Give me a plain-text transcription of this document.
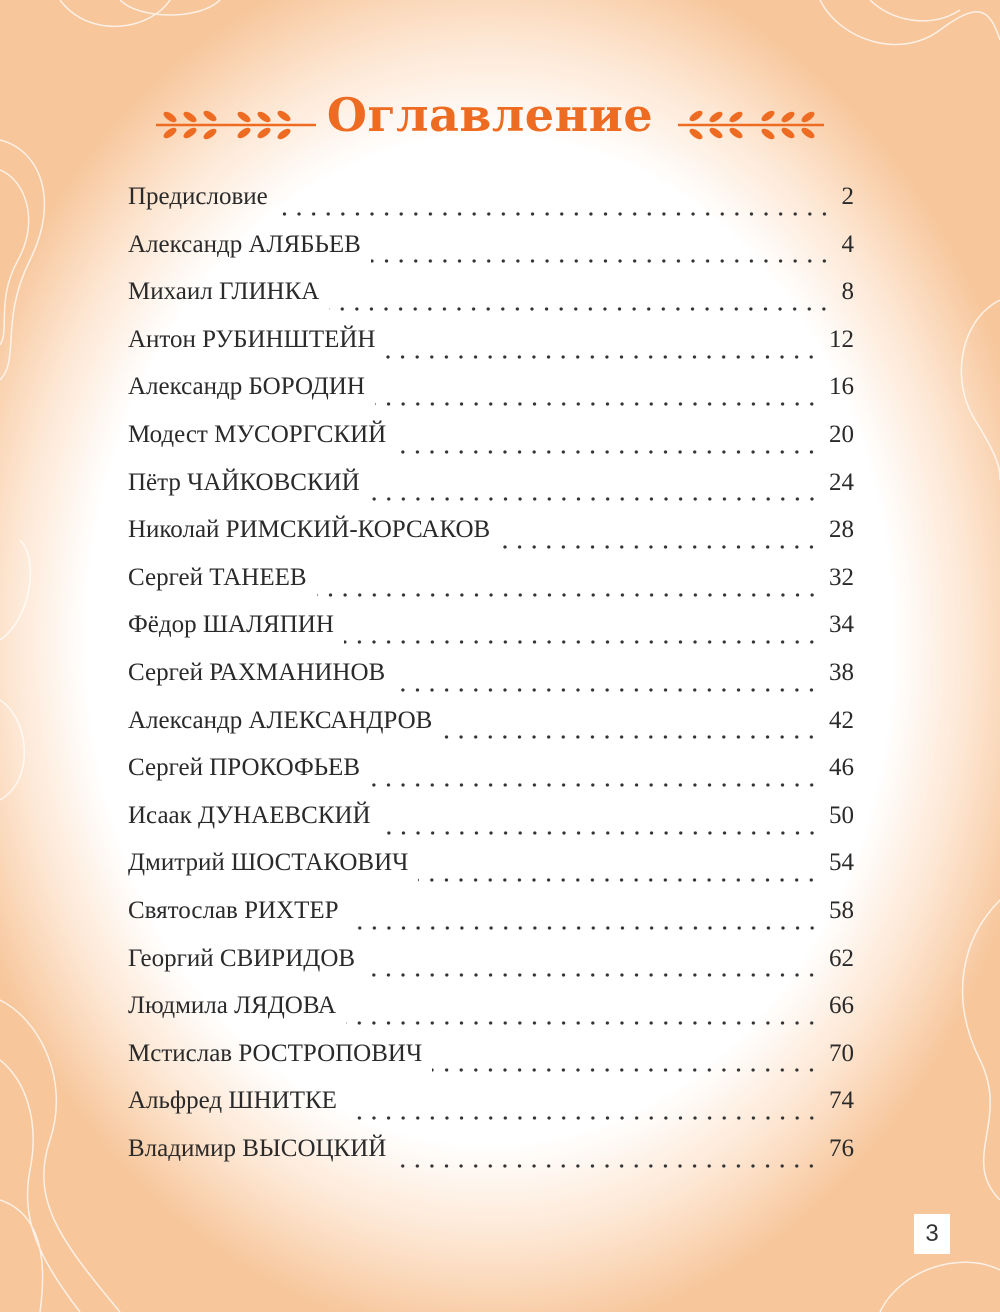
Оглавление
Предисловие	2
Александр АЛЯБЬЕВ	4
Михаил ГЛИНКА	8
Антон РУБИНШТЕЙН	12
Александр БОРОДИН	16
Модест МУСОРГСКИЙ	20
Пётр ЧАЙКОВСКИЙ	24
Николай РИМСКИЙ-КОРСАКОВ	28
Сергей ТАНЕЕВ	32
Фёдор ШАЛЯПИН	34
Сергей РАХМАНИНОВ	38
Александр АЛЕКСАНДРОВ	42
Сергей ПРОКОФЬЕВ	46
Исаак ДУНАЕВСКИЙ	50
Дмитрий ШОСТАКОВИЧ	54
Святослав РИХТЕР	58
Георгий СВИРИДОВ	62
Людмила ЛЯДОВА	66
Мстислав РОСТРОПОВИЧ	70
Альфред ШНИТКЕ	74
Владимир ВЫСОЦКИЙ	76
3
